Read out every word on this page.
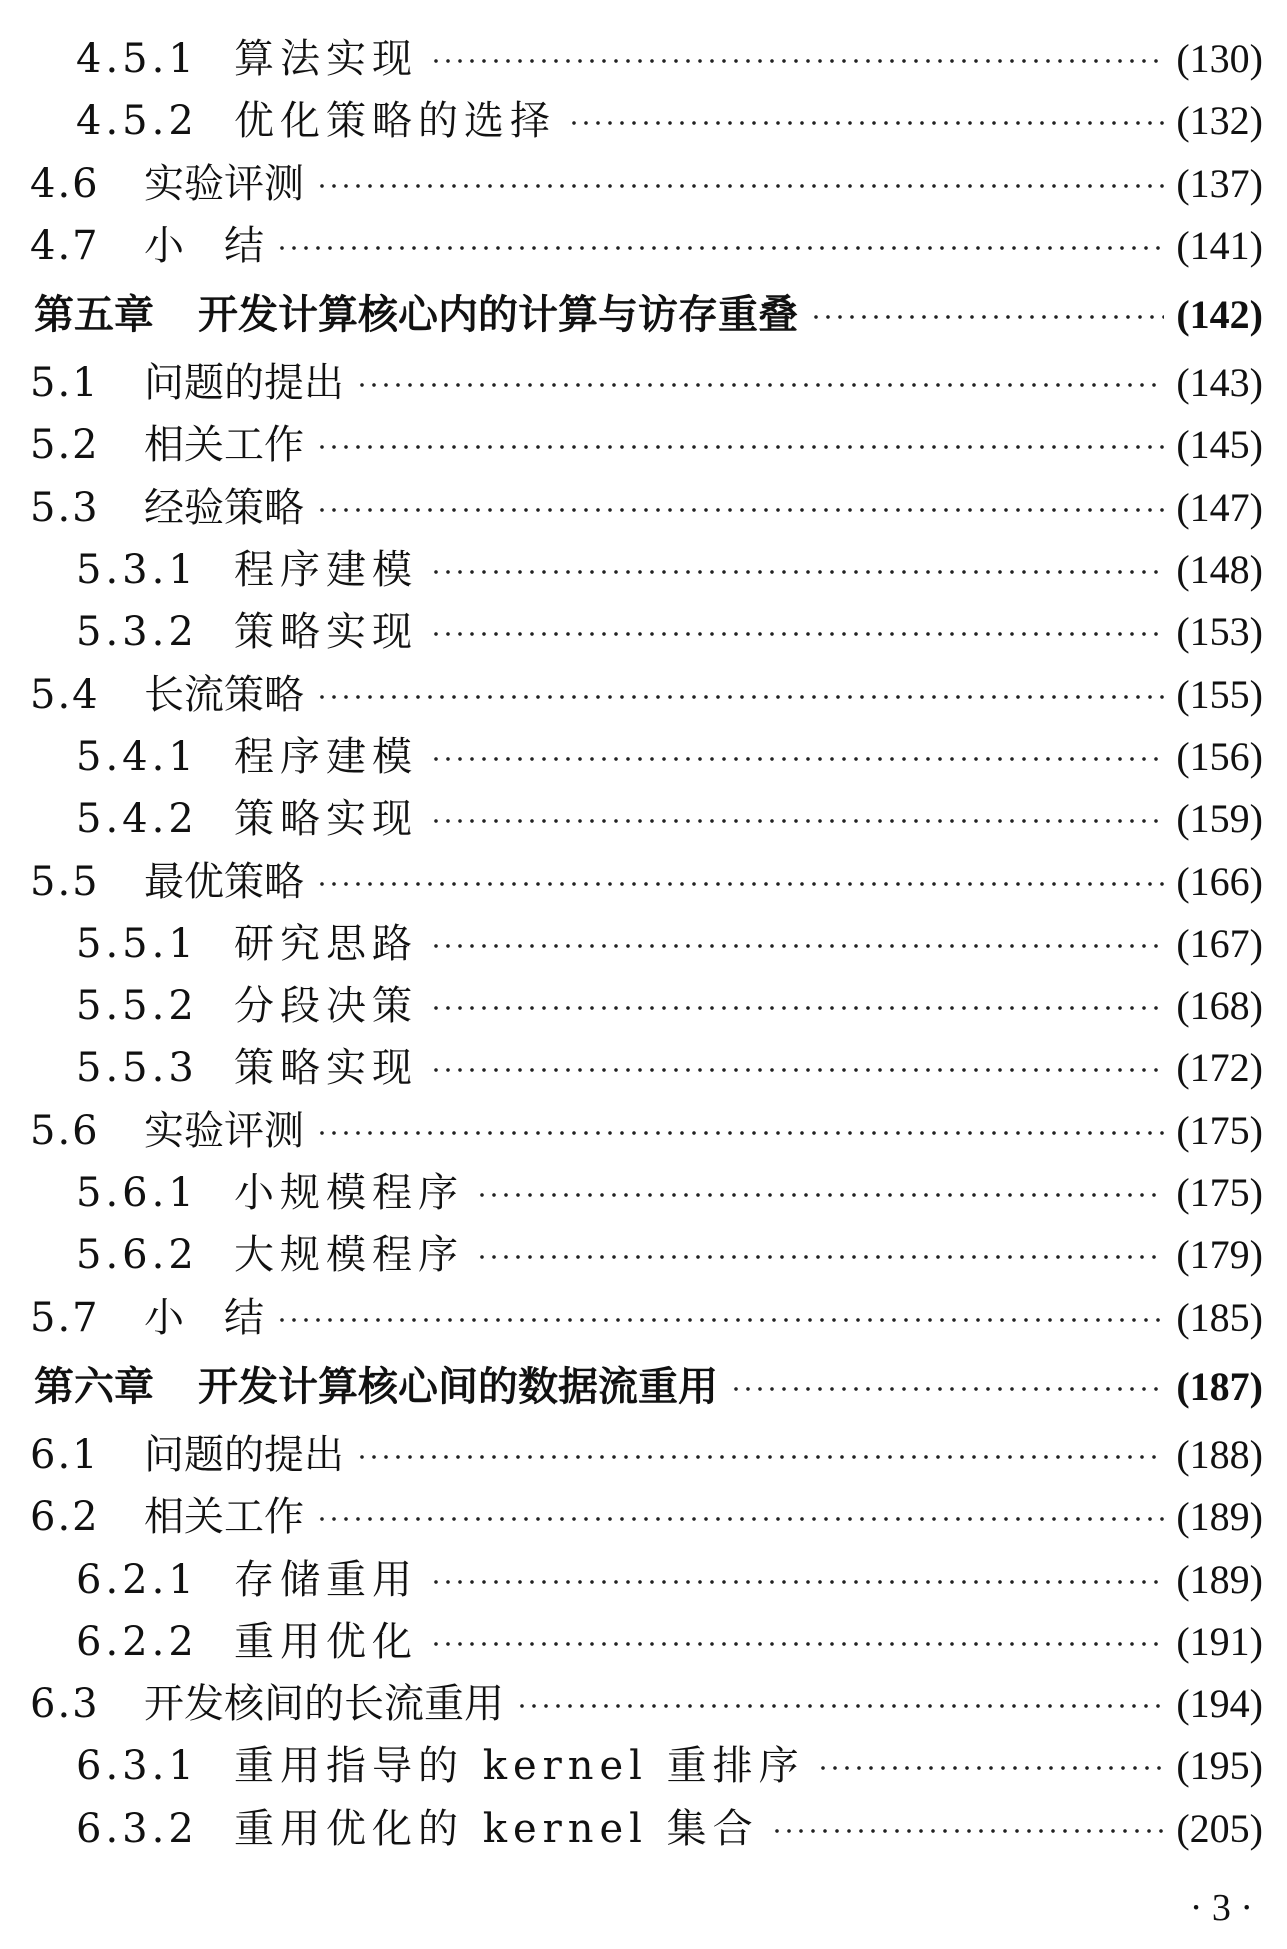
4.5.1 算法实现	(130)
4.5.2 优化策略的选择	(132)
4.6	实验评测	(137)
4.7	小　结	(141)
第五章 开发计算核心内的计算与访存重叠	(142)
5.1	问题的提出	(143)
5.2	相关工作	(145)
5.3	经验策略	(147)
5.3.1 程序建模	(148)
5.3.2 策略实现	(153)
5.4	长流策略	(155)
5.4.1 程序建模	(156)
5.4.2 策略实现	(159)
5.5	最优策略	(166)
5.5.1 研究思路	(167)
5.5.2 分段决策	(168)
5.5.3 策略实现	(172)
5.6	实验评测	(175)
5.6.1 小规模程序	(175)
5.6.2 大规模程序	(179)
5.7	小　结	(185)
第六章 开发计算核心间的数据流重用	(187)
6.1	问题的提出	(188)
6.2	相关工作	(189)
6.2.1 存储重用	(189)
6.2.2 重用优化	(191)
6.3	开发核间的长流重用	(194)
6.3.1 重用指导的 kernel 重排序	(195)
6.3.2 重用优化的 kernel 集合	(205)
· 3 ·
